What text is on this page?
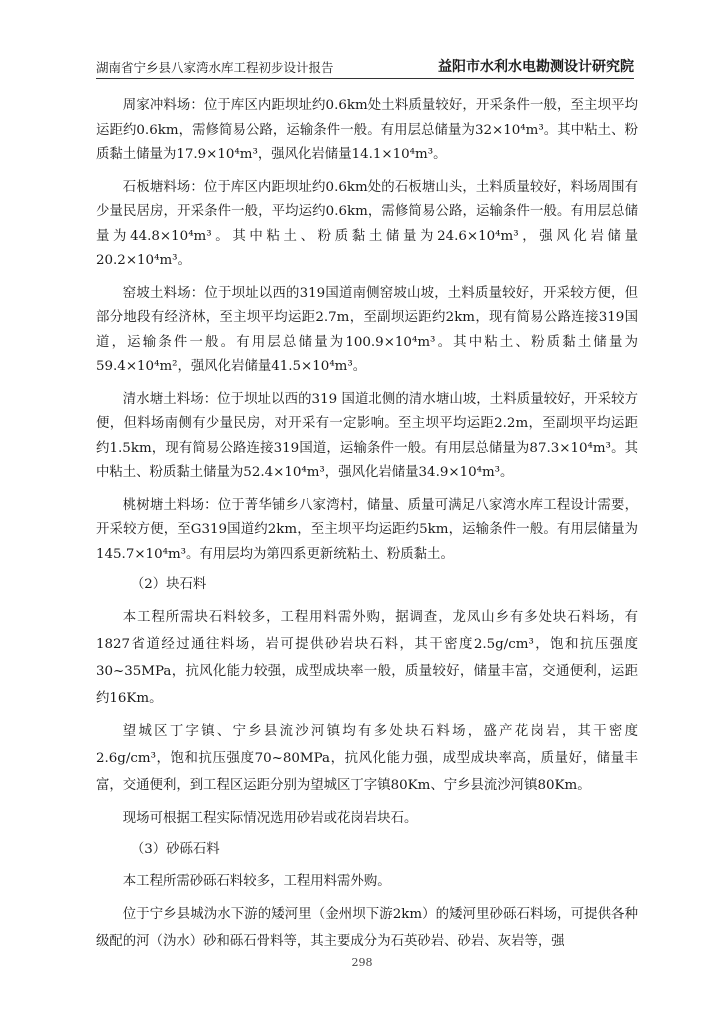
湖南省宁乡县八家湾水库工程初步设计报告	益阳市水利水电勘测设计研究院

周家冲料场：位于库区内距坝址约0.6km处土料质量较好，开采条件一般，至主坝平均运距约0.6km，需修简易公路，运输条件一般。有用层总储量为32×10⁴m³。其中粘土、粉质黏土储量为17.9×10⁴m³，强风化岩储量14.1×10⁴m³。

石板塘料场：位于库区内距坝址约0.6km处的石板塘山头，土料质量较好，料场周围有少量民居房，开采条件一般，平均运约0.6km，需修简易公路，运输条件一般。有用层总储量为44.8×10⁴m³。其中粘土、粉质黏土储量为24.6×10⁴m³，强风化岩储量20.2×10⁴m³。

窑坡土料场：位于坝址以西的319国道南侧窑坡山坡，土料质量较好，开采较方便，但部分地段有经济林，至主坝平均运距2.7m，至副坝运距约2km，现有简易公路连接319国道，运输条件一般。有用层总储量为100.9×10⁴m³。其中粘土、粉质黏土储量为59.4×10⁴m²，强风化岩储量41.5×10⁴m³。

清水塘土料场：位于坝址以西的319 国道北侧的清水塘山坡，土料质量较好，开采较方便，但料场南侧有少量民房，对开采有一定影响。至主坝平均运距2.2m，至副坝平均运距约1.5km，现有简易公路连接319国道，运输条件一般。有用层总储量为87.3×10⁴m³。其中粘土、粉质黏土储量为52.4×10⁴m³，强风化岩储量34.9×10⁴m³。

桃树塘土料场：位于菁华铺乡八家湾村，储量、质量可满足八家湾水库工程设计需要，开采较方便，至G319国道约2km，至主坝平均运距约5km，运输条件一般。有用层储量为145.7×10⁴m³。有用层均为第四系更新统粘土、粉质黏土。

（2）块石料

本工程所需块石料较多，工程用料需外购，据调查，龙凤山乡有多处块石料场，有1827省道经过通往料场，岩可提供砂岩块石料，其干密度2.5g/cm³，饱和抗压强度30~35MPa，抗风化能力较强，成型成块率一般，质量较好，储量丰富，交通便利，运距约16Km。

望城区丁字镇、宁乡县流沙河镇均有多处块石料场，盛产花岗岩，其干密度2.6g/cm³，饱和抗压强度70~80MPa，抗风化能力强，成型成块率高，质量好，储量丰富，交通便利，到工程区运距分别为望城区丁字镇80Km、宁乡县流沙河镇80Km。

现场可根据工程实际情况选用砂岩或花岗岩块石。

（3）砂砾石料

本工程所需砂砾石料较多，工程用料需外购。

位于宁乡县城沩水下游的矮河里（金州坝下游2km）的矮河里砂砾石料场，可提供各种级配的河（沩水）砂和砾石骨料等，其主要成分为石英砂岩、砂岩、灰岩等，强

298
